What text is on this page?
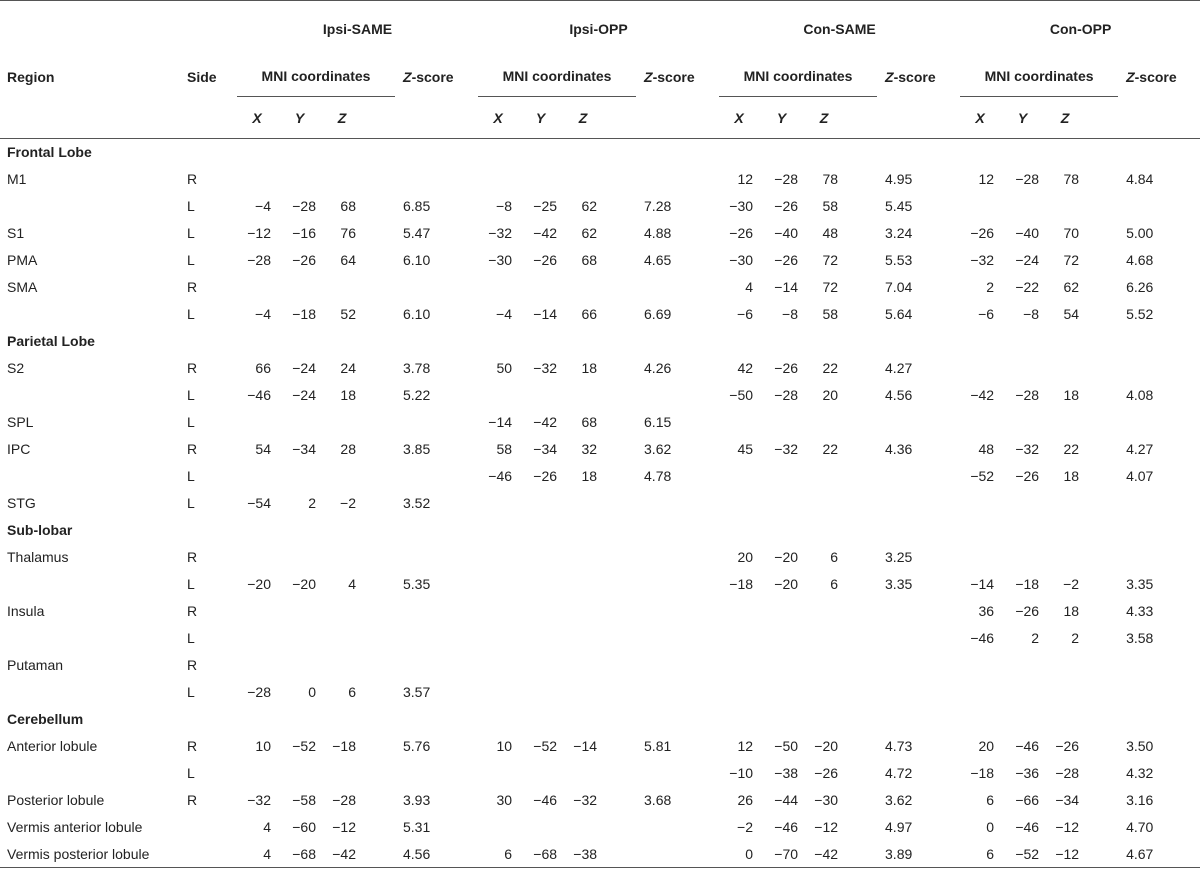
		Ipsi-SAME					Ipsi-OPP					Con-SAME					Con-OPP				
Region	Side	MNI coordinates				Z-score	MNI coordinates				Z-score	MNI coordinates				Z-score	MNI coordinates				Z-score
		X	Y	Z			X	Y	Z			X	Y	Z			X	Y	Z		
Frontal Lobe																					
M1	R											12	−28	78		4.95	12	−28	78		4.84
	L	−4	−28	68		6.85	−8	−25	62		7.28	−30	−26	58		5.45					
S1	L	−12	−16	76		5.47	−32	−42	62		4.88	−26	−40	48		3.24	−26	−40	70		5.00
PMA	L	−28	−26	64		6.10	−30	−26	68		4.65	−30	−26	72		5.53	−32	−24	72		4.68
SMA	R											4	−14	72		7.04	2	−22	62		6.26
	L	−4	−18	52		6.10	−4	−14	66		6.69	−6	−8	58		5.64	−6	−8	54		5.52
Parietal Lobe																					
S2	R	66	−24	24		3.78	50	−32	18		4.26	42	−26	22		4.27					
	L	−46	−24	18		5.22						−50	−28	20		4.56	−42	−28	18		4.08
SPL	L						−14	−42	68		6.15										
IPC	R	54	−34	28		3.85	58	−34	32		3.62	45	−32	22		4.36	48	−32	22		4.27
	L						−46	−26	18		4.78						−52	−26	18		4.07
STG	L	−54	2	−2		3.52															
Sub-lobar																					
Thalamus	R											20	−20	6		3.25					
	L	−20	−20	4		5.35						−18	−20	6		3.35	−14	−18	−2		3.35
Insula	R																36	−26	18		4.33
	L																−46	2	2		3.58
Putaman	R																				
	L	−28	0	6		3.57															
Cerebellum																					
Anterior lobule	R	10	−52	−18		5.76	10	−52	−14		5.81	12	−50	−20		4.73	20	−46	−26		3.50
	L											−10	−38	−26		4.72	−18	−36	−28		4.32
Posterior lobule	R	−32	−58	−28		3.93	30	−46	−32		3.68	26	−44	−30		3.62	6	−66	−34		3.16
Vermis anterior lobule		4	−60	−12		5.31						−2	−46	−12		4.97	0	−46	−12		4.70
Vermis posterior lobule		4	−68	−42		4.56	6	−68	−38			0	−70	−42		3.89	6	−52	−12		4.67
